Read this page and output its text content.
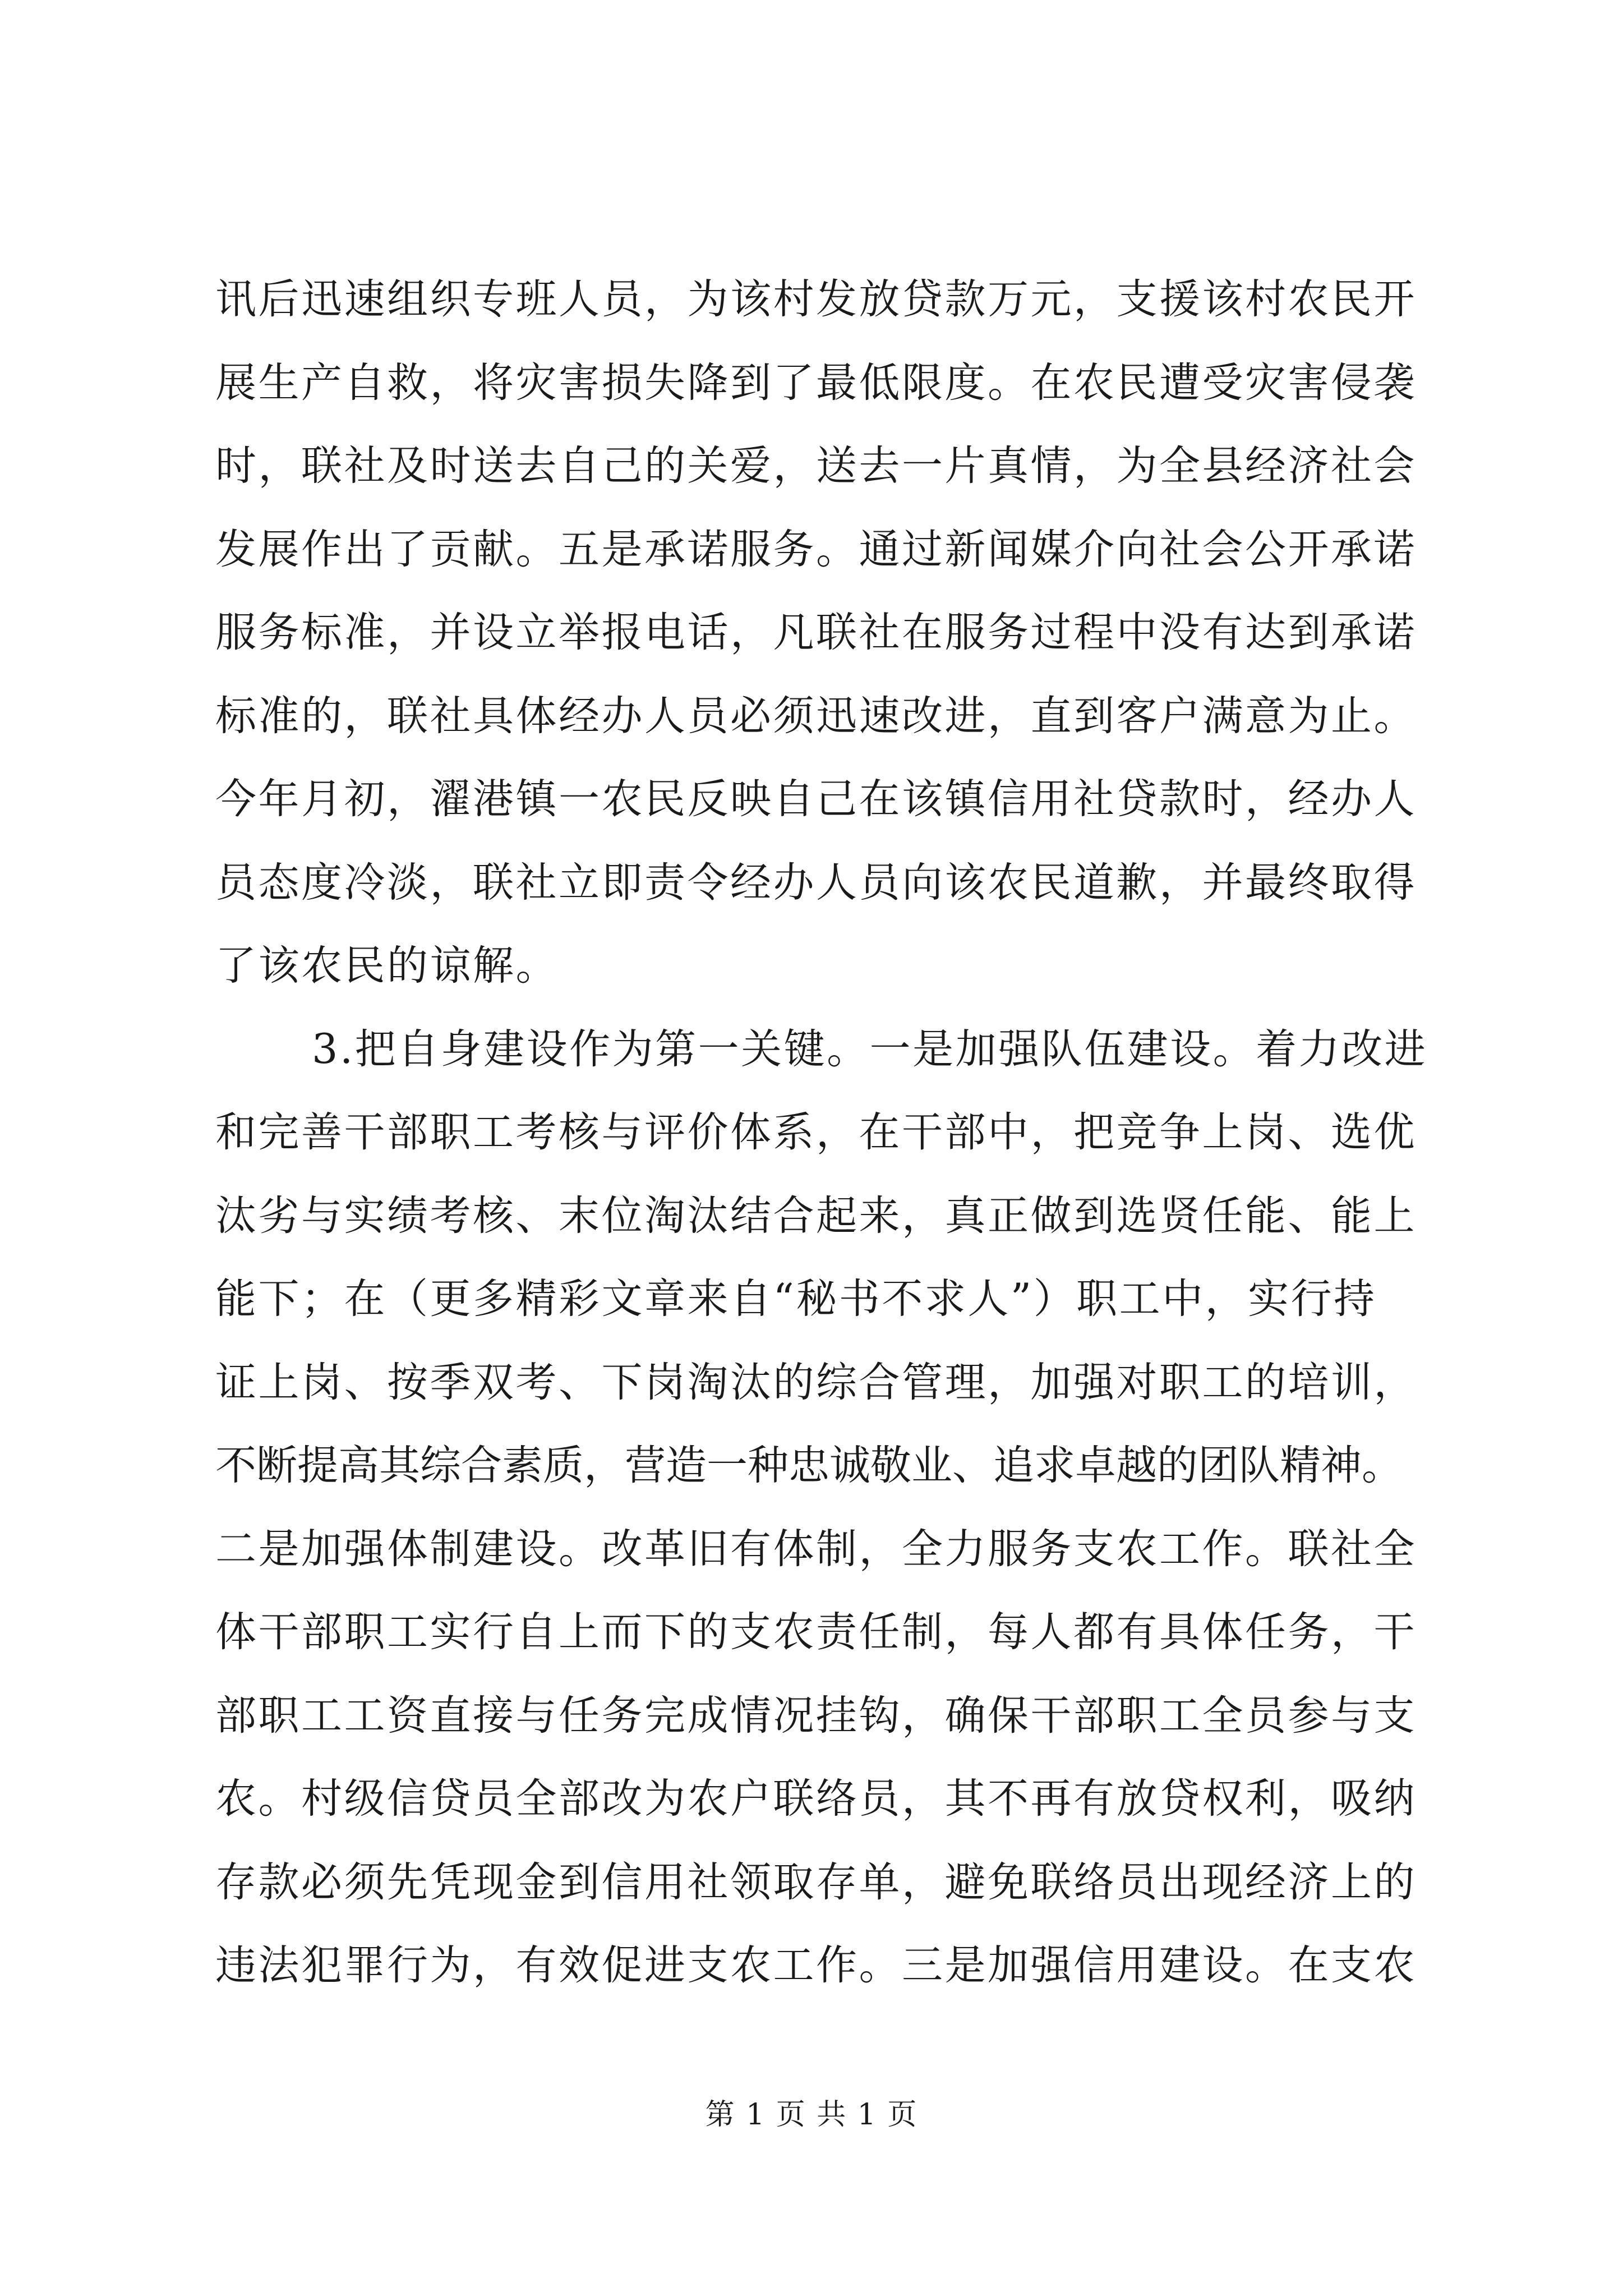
讯后迅速组织专班人员，为该村发放贷款万元，支援该村农民开
展生产自救，将灾害损失降到了最低限度。在农民遭受灾害侵袭
时，联社及时送去自己的关爱，送去一片真情，为全县经济社会
发展作出了贡献。五是承诺服务。通过新闻媒介向社会公开承诺
服务标准，并设立举报电话，凡联社在服务过程中没有达到承诺
标准的，联社具体经办人员必须迅速改进，直到客户满意为止。
今年月初，濯港镇一农民反映自己在该镇信用社贷款时，经办人
员态度冷淡，联社立即责令经办人员向该农民道歉，并最终取得
了该农民的谅解。
3.把自身建设作为第一关键。一是加强队伍建设。着力改进
和完善干部职工考核与评价体系，在干部中，把竞争上岗、选优
汰劣与实绩考核、末位淘汰结合起来，真正做到选贤任能、能上
能下；在（更多精彩文章来自“秘书不求人”）职工中，实行持
证上岗、按季双考、下岗淘汰的综合管理，加强对职工的培训，
不断提高其综合素质，营造一种忠诚敬业、追求卓越的团队精神。
二是加强体制建设。改革旧有体制，全力服务支农工作。联社全
体干部职工实行自上而下的支农责任制，每人都有具体任务，干
部职工工资直接与任务完成情况挂钩，确保干部职工全员参与支
农。村级信贷员全部改为农户联络员，其不再有放贷权利，吸纳
存款必须先凭现金到信用社领取存单，避免联络员出现经济上的
违法犯罪行为，有效促进支农工作。三是加强信用建设。在支农
第 1 页 共 1 页
